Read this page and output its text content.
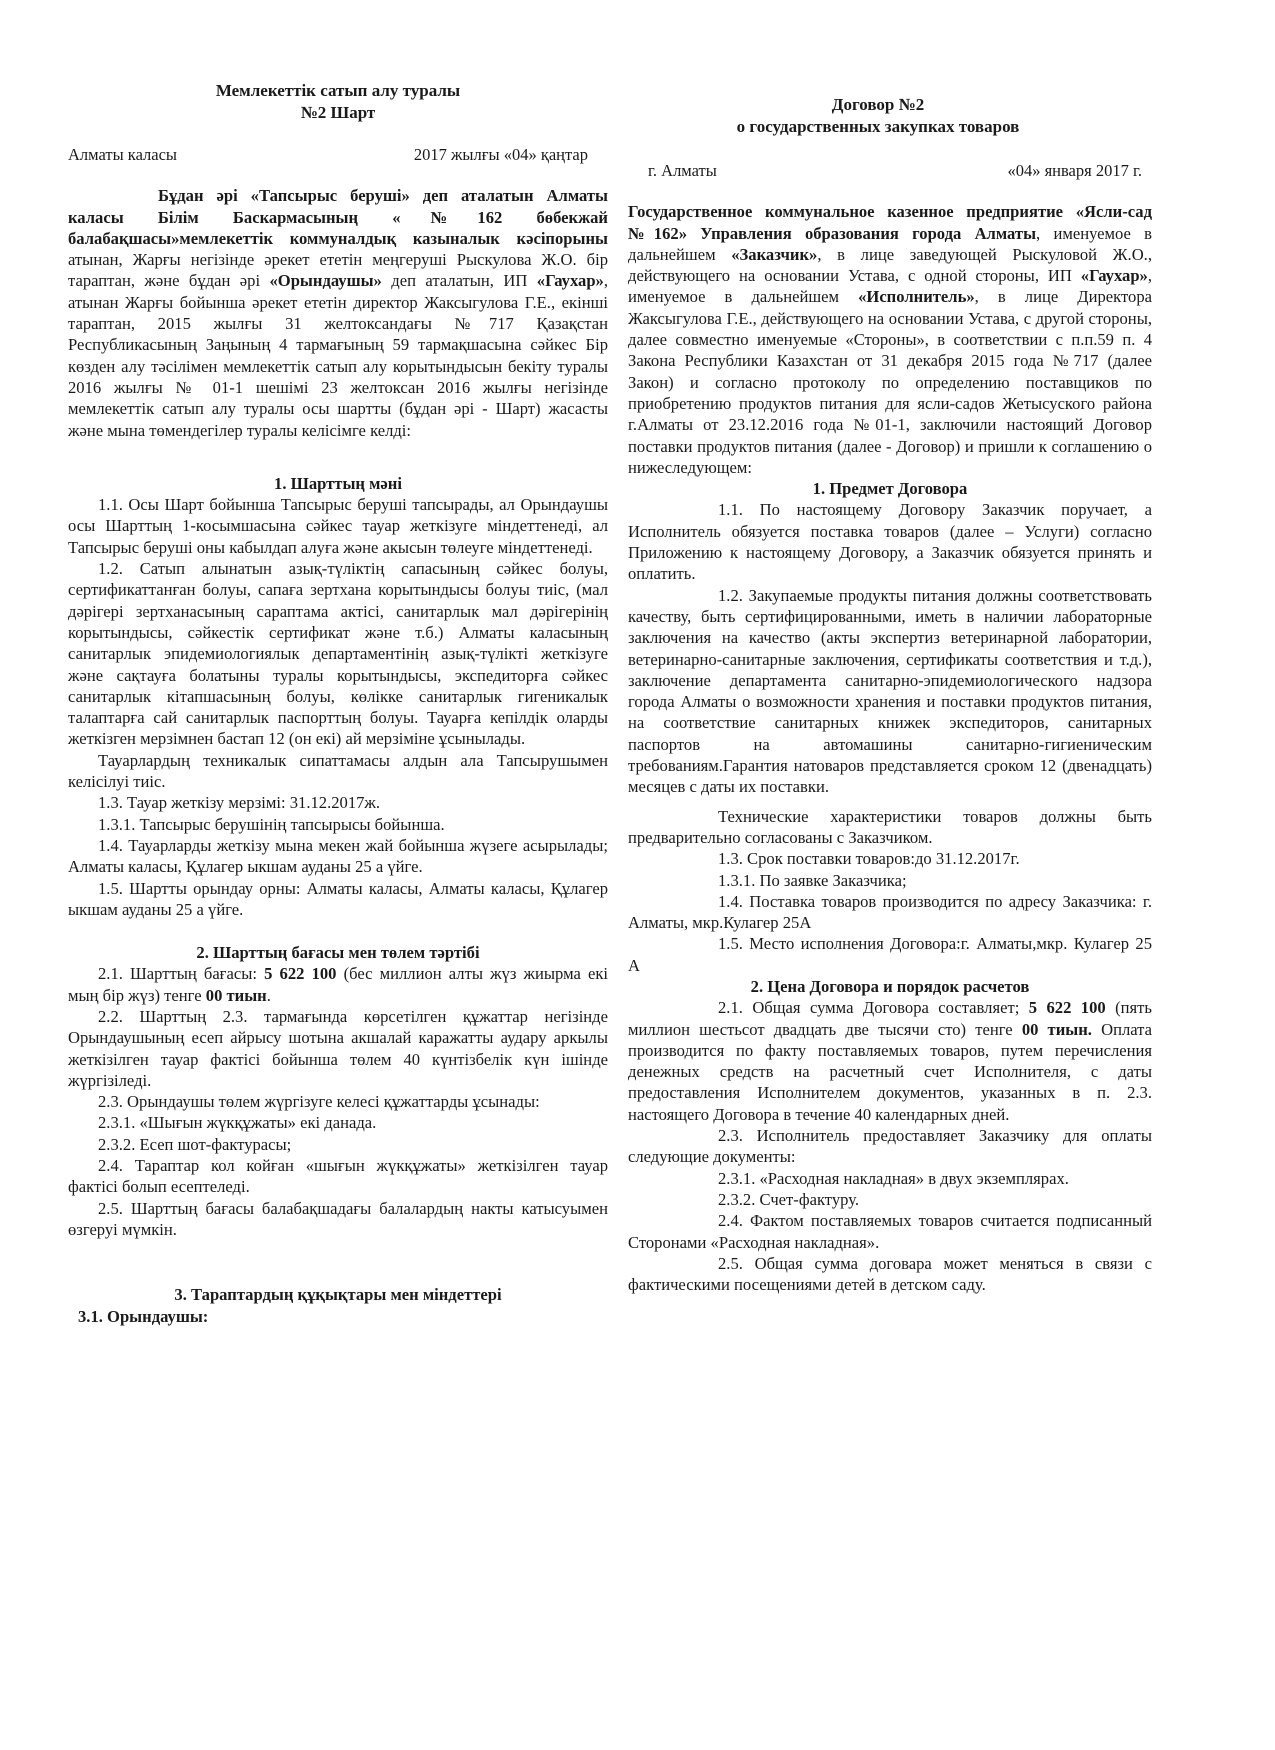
Мемлекеттік сатып алу туралы

№2 Шарт

Алматы каласы	2017 жылғы «04» қаңтар

Бұдан әрі «Тапсырыс беруші» деп аталатын Алматы каласы Білім Баскармасының «№162 бөбекжай балабақшасы»мемлекеттік коммуналдық казыналык кәсіпорыны атынан, Жарғы негізінде әрекет ететін меңгеруші Рыскулова Ж.О. бір тараптан, және бұдан әрі «Орындаушы» деп аталатын, ИП «Гаухар», атынан Жарғы бойынша әрекет ететін директор Жаксыгулова Г.Е., екінші тараптан, 2015 жылғы 31 желтоксандағы №717 Қазақстан Республикасының Заңының 4 тармағының 59 тармақшасына сәйкес Бір көзден алу тәсілімен мемлекеттік сатып алу корытындысын бекіту туралы 2016 жылғы № 01-1 шешімі 23 желтоксан 2016 жылғы негізінде мемлекеттік сатып алу туралы осы шартты (бұдан әрі - Шарт) жасасты және мына төмендегілер туралы келісімге келді:

1. Шарттың мәні

1.1. Осы Шарт бойынша Тапсырыс беруші тапсырады, ал Орындаушы осы Шарттың 1-косымшасына сәйкес тауар жеткізуге міндеттенеді, ал Тапсырыс беруші оны кабылдап алуға және акысын төлеуге міндеттенеді.

1.2. Сатып алынатын азық-түліктің сапасының сәйкес болуы, сертификаттанған болуы, сапаға зертхана корытындысы болуы тиіс, (мал дәрігері зертханасының сараптама актісі, санитарлык мал дәрігерінің корытындысы, сәйкестік сертификат және т.б.) Алматы каласының санитарлык эпидемиологиялык департаментінің азық-түлікті жеткізуге және сақтауға болатыны туралы корытындысы, экспедиторға сәйкес санитарлык кітапшасының болуы, көлікке санитарлык гигеникалык талаптарға сай санитарлык паспорттың болуы. Тауарға кепілдік оларды жеткізген мерзімнен бастап 12 (он екі) ай мерзіміне ұсынылады.

Тауарлардың техникалык сипаттамасы алдын ала Тапсырушымен келісілуі тиіс.

1.3. Тауар жеткізу мерзімі: 31.12.2017ж.

1.3.1. Тапсырыс берушінің тапсырысы бойынша.

1.4. Тауарларды жеткізу мына мекен жай бойынша жүзеге асырылады; Алматы каласы, Құлагер ыкшам ауданы 25 а үйге.

1.5. Шартты орындау орны: Алматы каласы, Алматы каласы, Құлагер ыкшам ауданы 25 а үйге.

2. Шарттың бағасы мен төлем тәртібі

2.1. Шарттың бағасы: 5 622 100 (бес миллион алты жүз жиырма екі мың бір жүз) тенге 00 тиын.

2.2. Шарттың 2.3. тармағында көрсетілген құжаттар негізінде Орындаушының есеп айрысу шотына акшалай каражатты аудару аркылы жеткізілген тауар фактісі бойынша төлем 40 күнтізбелік күн ішінде жүргізіледі.

2.3. Орындаушы төлем жүргізуге келесі құжаттарды ұсынады:

2.3.1. «Шығын жүкқұжаты» екі данада.

2.3.2. Есеп шот-фактурасы;

2.4. Тараптар кол койған «шығын жүкқұжаты» жеткізілген тауар фактісі болып есептеледі.

2.5. Шарттың бағасы балабақшадағы балалардың накты катысуымен өзгеруі мүмкін.

3. Тараптардың құқықтары мен міндеттері

3.1. Орындаушы:

Договор №2

о государственных закупках товаров

г. Алматы	«04» января 2017 г.

Государственное коммунальное казенное предприятие «Ясли-сад №162» Управления образования города Алматы, именуемое в дальнейшем «Заказчик», в лице заведующей Рыскуловой Ж.О., действующего на основании Устава, с одной стороны, ИП «Гаухар», именуемое в дальнейшем «Исполнитель», в лице Директора Жаксыгулова Г.Е., действующего на основании Устава, с другой стороны, далее совместно именуемые «Стороны», в соответствии с п.п.59 п. 4 Закона Республики Казахстан от 31 декабря 2015 года №717 (далее Закон) и согласно протоколу по определению поставщиков по приобретению продуктов питания для ясли-садов Жетысуского района г.Алматы от 23.12.2016 года №01-1, заключили настоящий Договор поставки продуктов питания (далее - Договор) и пришли к соглашению о нижеследующем:

1. Предмет Договора

1.1. По настоящему Договору Заказчик поручает, а Исполнитель обязуется поставка товаров (далее – Услуги) согласно Приложению к настоящему Договору, а Заказчик обязуется принять и оплатить.

1.2. Закупаемые продукты питания должны соответствовать качеству, быть сертифицированными, иметь в наличии лабораторные заключения на качество (акты экспертиз ветеринарной лаборатории, ветеринарно-санитарные заключения, сертификаты соответствия и т.д.), заключение департамента санитарно-эпидемиологического надзора города Алматы о возможности хранения и поставки продуктов питания, на соответствие санитарных книжек экспедиторов, санитарных паспортов на автомашины санитарно-гигиеническим требованиям.Гарантия натоваров представляется сроком 12 (двенадцать) месяцев с даты их поставки.

Технические характеристики товаров должны быть предварительно согласованы с Заказчиком.

1.3. Срок поставки товаров:до 31.12.2017г.

1.3.1. По заявке Заказчика;

1.4. Поставка товаров производится по адресу Заказчика: г. Алматы, мкр.Кулагер 25А

1.5. Место исполнения Договора:г. Алматы,мкр. Кулагер 25 А

2. Цена Договора и порядок расчетов

2.1. Общая сумма Договора составляет; 5 622 100 (пять миллион шестьсот двадцать две тысячи сто) тенге 00 тиын. Оплата производится по факту поставляемых товаров, путем перечисления денежных средств на расчетный счет Исполнителя, с даты предоставления Исполнителем документов, указанных в п. 2.3. настоящего Договора в течение 40 календарных дней.

2.3. Исполнитель предоставляет Заказчику для оплаты следующие документы:

2.3.1. «Расходная накладная» в двух экземплярах.

2.3.2. Счет-фактуру.

2.4. Фактом поставляемых товаров считается подписанный Сторонами «Расходная накладная».

2.5. Общая сумма договара может меняться в связи с фактическими посещениями детей в детском саду.
